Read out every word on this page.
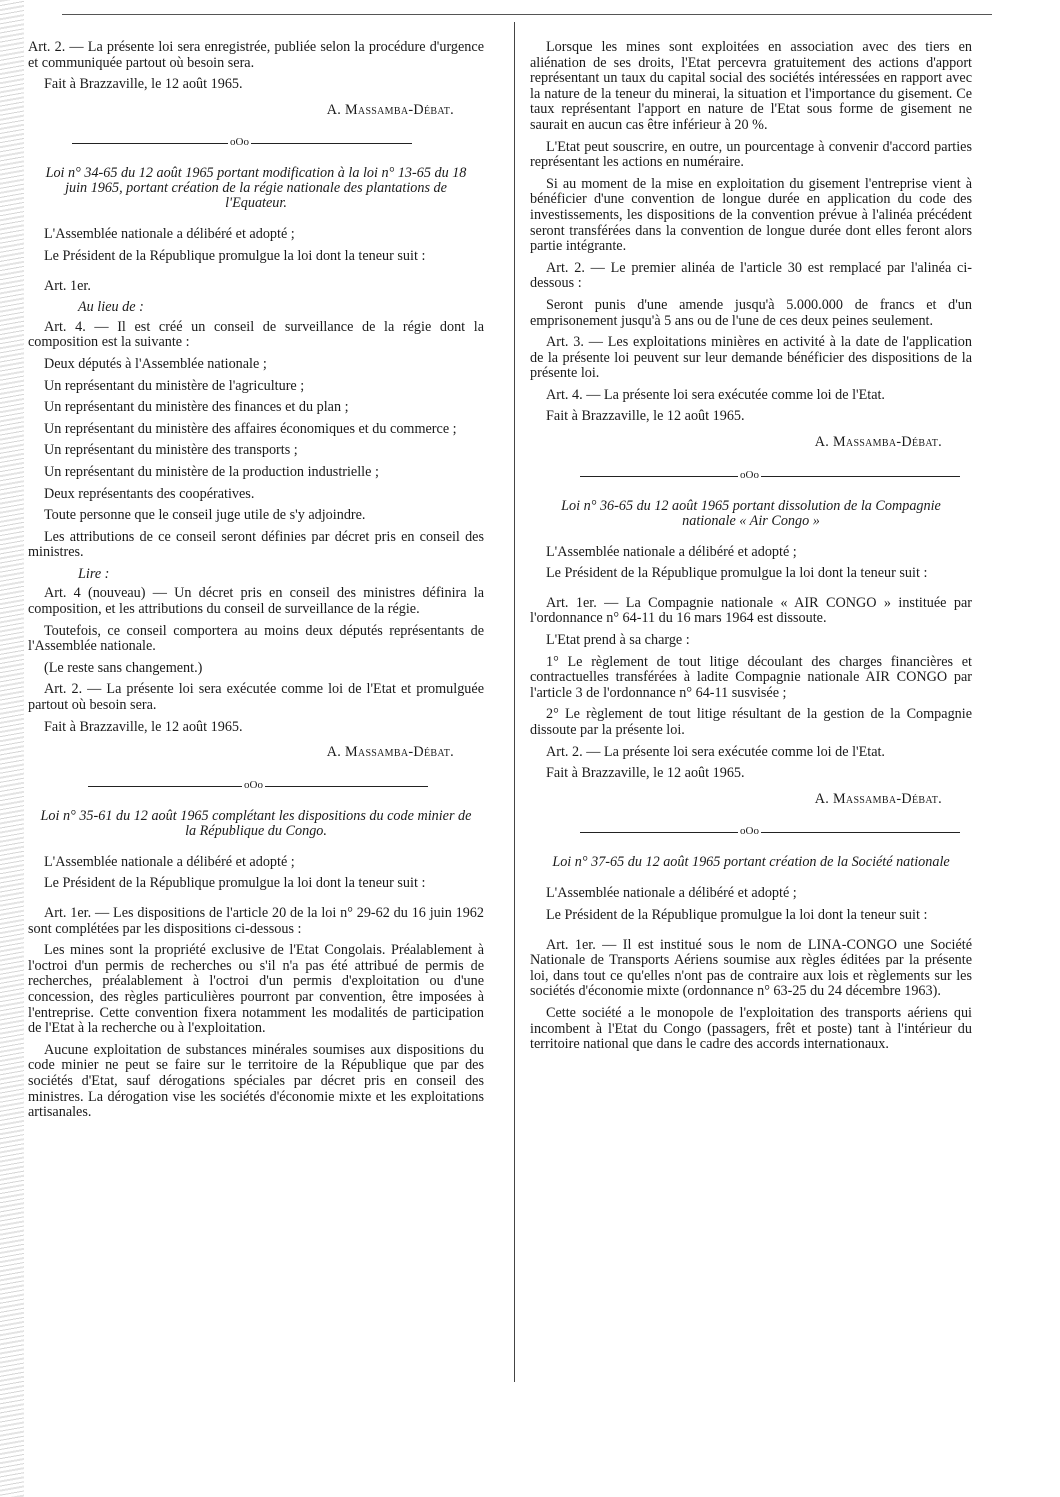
Art. 2. — La présente loi sera enregistrée, publiée selon la procédure d'urgence et communiquée partout où besoin sera.

Fait à Brazzaville, le 12 août 1965.

A. Massamba-Débat.

oOo

Loi n° 34-65 du 12 août 1965 portant modification à la loi n° 13-65 du 18 juin 1965, portant création de la régie nationale des plantations de l'Equateur.

L'Assemblée nationale a délibéré et adopté ;

Le Président de la République promulgue la loi dont la teneur suit :

Art. 1er.

Au lieu de :

Art. 4. — Il est créé un conseil de surveillance de la régie dont la composition est la suivante :

Deux députés à l'Assemblée nationale ;

Un représentant du ministère de l'agriculture ;

Un représentant du ministère des finances et du plan ;

Un représentant du ministère des affaires économiques et du commerce ;

Un représentant du ministère des transports ;

Un représentant du ministère de la production industrielle ;

Deux représentants des coopératives.

Toute personne que le conseil juge utile de s'y adjoindre.

Les attributions de ce conseil seront définies par décret pris en conseil des ministres.

Lire :

Art. 4 (nouveau) — Un décret pris en conseil des ministres définira la composition, et les attributions du conseil de surveillance de la régie.

Toutefois, ce conseil comportera au moins deux députés représentants de l'Assemblée nationale.

(Le reste sans changement.)

Art. 2. — La présente loi sera exécutée comme loi de l'Etat et promulguée partout où besoin sera.

Fait à Brazzaville, le 12 août 1965.

A. Massamba-Débat.

oOo

Loi n° 35-61 du 12 août 1965 complétant les dispositions du code minier de la République du Congo.

L'Assemblée nationale a délibéré et adopté ;

Le Président de la République promulgue la loi dont la teneur suit :

Art. 1er. — Les dispositions de l'article 20 de la loi n° 29-62 du 16 juin 1962 sont complétées par les dispositions ci-dessous :

Les mines sont la propriété exclusive de l'Etat Congolais. Préalablement à l'octroi d'un permis de recherches ou s'il n'a pas été attribué de permis de recherches, préalablement à l'octroi d'un permis d'exploitation ou d'une concession, des règles particulières pourront par convention, être imposées à l'entreprise. Cette convention fixera notamment les modalités de participation de l'Etat à la recherche ou à l'exploitation.

Aucune exploitation de substances minérales soumises aux dispositions du code minier ne peut se faire sur le territoire de la République que par des sociétés d'Etat, sauf dérogations spéciales par décret pris en conseil des ministres. La dérogation vise les sociétés d'économie mixte et les exploitations artisanales.

Lorsque les mines sont exploitées en association avec des tiers en aliénation de ses droits, l'Etat percevra gratuitement des actions d'apport représentant un taux du capital social des sociétés intéressées en rapport avec la nature de la teneur du minerai, la situation et l'importance du gisement. Ce taux représentant l'apport en nature de l'Etat sous forme de gisement ne saurait en aucun cas être inférieur à 20 %.

L'Etat peut souscrire, en outre, un pourcentage à convenir d'accord parties représentant les actions en numéraire.

Si au moment de la mise en exploitation du gisement l'entreprise vient à bénéficier d'une convention de longue durée en application du code des investissements, les dispositions de la convention prévue à l'alinéa précédent seront transférées dans la convention de longue durée dont elles feront alors partie intégrante.

Art. 2. — Le premier alinéa de l'article 30 est remplacé par l'alinéa ci-dessous :

Seront punis d'une amende jusqu'à 5.000.000 de francs et d'un emprisonement jusqu'à 5 ans ou de l'une de ces deux peines seulement.

Art. 3. — Les exploitations minières en activité à la date de l'application de la présente loi peuvent sur leur demande bénéficier des dispositions de la présente loi.

Art. 4. — La présente loi sera exécutée comme loi de l'Etat.

Fait à Brazzaville, le 12 août 1965.

A. Massamba-Débat.

oOo

Loi n° 36-65 du 12 août 1965 portant dissolution de la Compagnie nationale « Air Congo »

L'Assemblée nationale a délibéré et adopté ;

Le Président de la République promulgue la loi dont la teneur suit :

Art. 1er. — La Compagnie nationale « AIR CONGO » instituée par l'ordonnance n° 64-11 du 16 mars 1964 est dissoute.

L'Etat prend à sa charge :

1° Le règlement de tout litige découlant des charges financières et contractuelles transférées à ladite Compagnie nationale AIR CONGO par l'article 3 de l'ordonnance n° 64-11 susvisée ;

2° Le règlement de tout litige résultant de la gestion de la Compagnie dissoute par la présente loi.

Art. 2. — La présente loi sera exécutée comme loi de l'Etat.

Fait à Brazzaville, le 12 août 1965.

A. Massamba-Débat.

oOo

Loi n° 37-65 du 12 août 1965 portant création de la Société nationale

L'Assemblée nationale a délibéré et adopté ;

Le Président de la République promulgue la loi dont la teneur suit :

Art. 1er. — Il est institué sous le nom de LINA-CONGO une Société Nationale de Transports Aériens soumise aux règles éditées par la présente loi, dans tout ce qu'elles n'ont pas de contraire aux lois et règlements sur les sociétés d'économie mixte (ordonnance n° 63-25 du 24 décembre 1963).

Cette société a le monopole de l'exploitation des transports aériens qui incombent à l'Etat du Congo (passagers, frêt et poste) tant à l'intérieur du territoire national que dans le cadre des accords internationaux.
